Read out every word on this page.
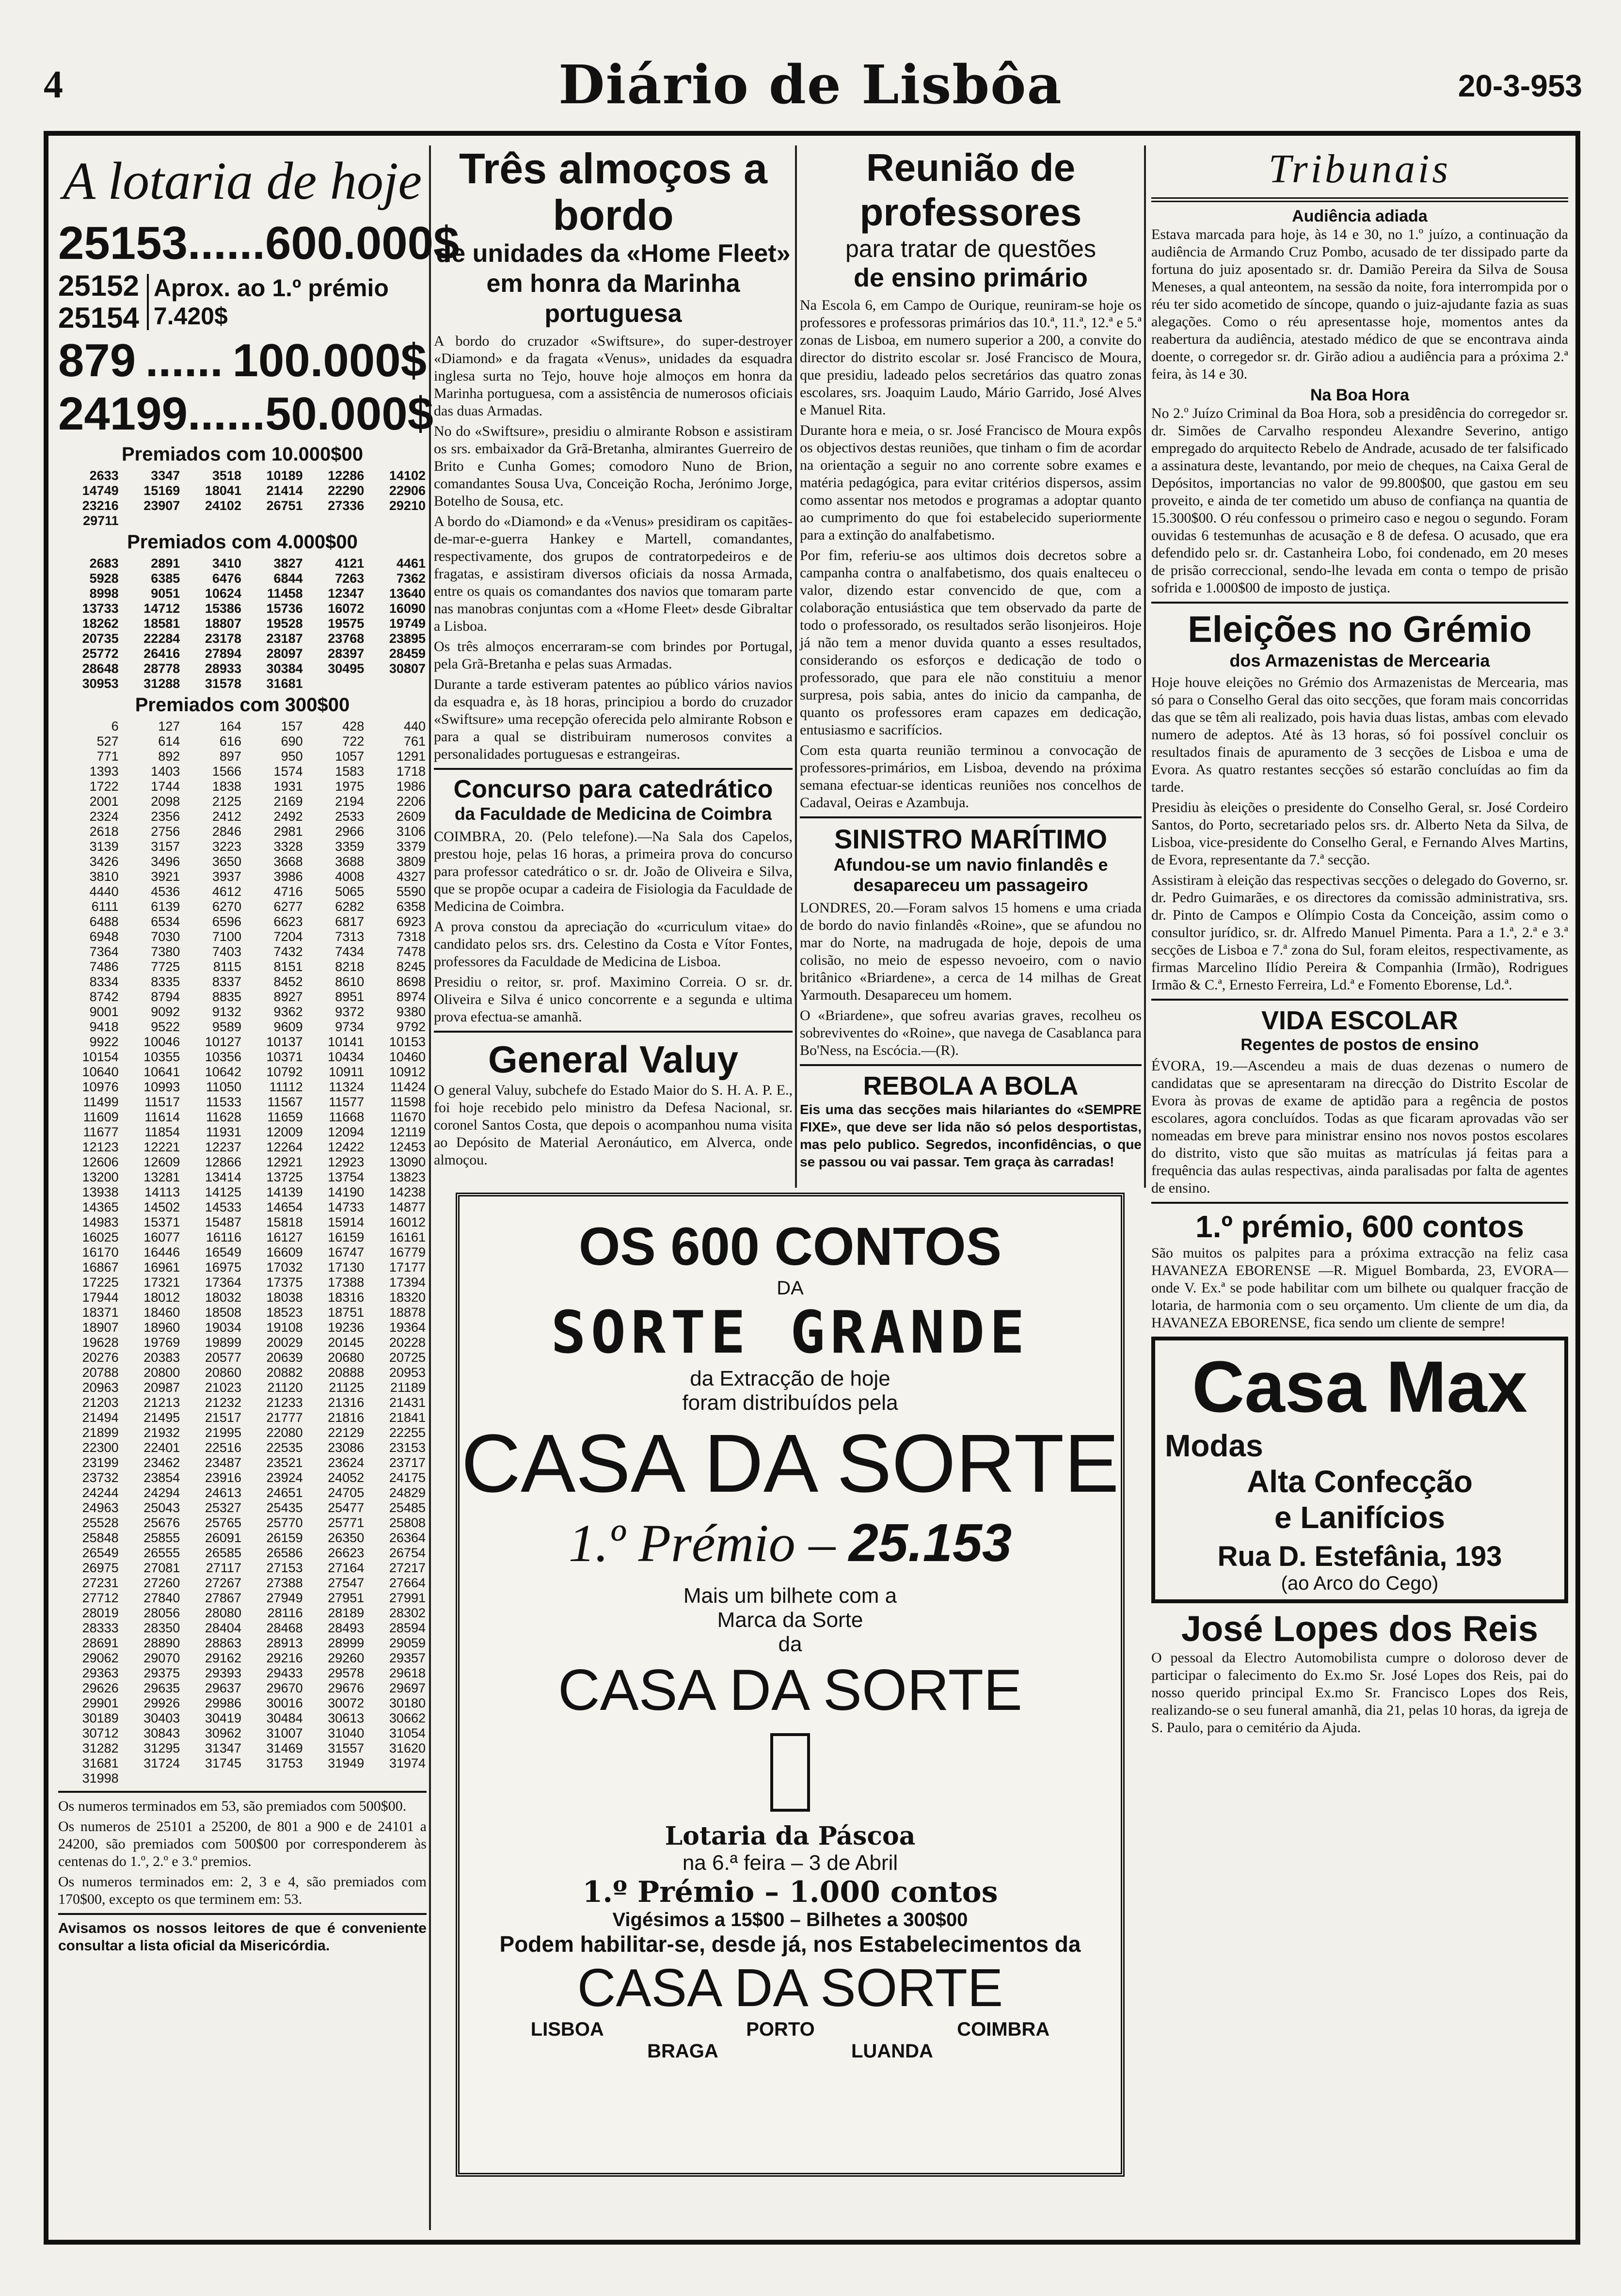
4	Diário de Lisbôa	20-3-953
A lotaria de hoje
25153 ...... 600.000$
25152
25154
Aprox. ao 1.º prémio 7.420$
879 ...... 100.000$
24199 ...... 50.000$
Premiados com 10.000$00
2633	3347	3518	10189	12286	14102
14749	15169	18041	21414	22290	22906
23216	23907	24102	26751	27336	29210
29711					
Premiados com 4.000$00
2683	2891	3410	3827	4121	4461
5928	6385	6476	6844	7263	7362
8998	9051	10624	11458	12347	13640
13733	14712	15386	15736	16072	16090
18262	18581	18807	19528	19575	19749
20735	22284	23178	23187	23768	23895
25772	26416	27894	28097	28397	28459
28648	28778	28933	30384	30495	30807
30953	31288	31578	31681		
Premiados com 300$00
6	127	164	157	428	440
527	614	616	690	722	761
771	892	897	950	1057	1291
1393	1403	1566	1574	1583	1718
1722	1744	1838	1931	1975	1986
2001	2098	2125	2169	2194	2206
2324	2356	2412	2492	2533	2609
2618	2756	2846	2981	2966	3106
3139	3157	3223	3328	3359	3379
3426	3496	3650	3668	3688	3809
3810	3921	3937	3986	4008	4327
4440	4536	4612	4716	5065	5590
6111	6139	6270	6277	6282	6358
6488	6534	6596	6623	6817	6923
6948	7030	7100	7204	7313	7318
7364	7380	7403	7432	7434	7478
7486	7725	8115	8151	8218	8245
8334	8335	8337	8452	8610	8698
8742	8794	8835	8927	8951	8974
9001	9092	9132	9362	9372	9380
9418	9522	9589	9609	9734	9792
9922	10046	10127	10137	10141	10153
10154	10355	10356	10371	10434	10460
10640	10641	10642	10792	10911	10912
10976	10993	11050	11112	11324	11424
11499	11517	11533	11567	11577	11598
11609	11614	11628	11659	11668	11670
11677	11854	11931	12009	12094	12119
12123	12221	12237	12264	12422	12453
12606	12609	12866	12921	12923	13090
13200	13281	13414	13725	13754	13823
13938	14113	14125	14139	14190	14238
14365	14502	14533	14654	14733	14877
14983	15371	15487	15818	15914	16012
16025	16077	16116	16127	16159	16161
16170	16446	16549	16609	16747	16779
16867	16961	16975	17032	17130	17177
17225	17321	17364	17375	17388	17394
17944	18012	18032	18038	18316	18320
18371	18460	18508	18523	18751	18878
18907	18960	19034	19108	19236	19364
19628	19769	19899	20029	20145	20228
20276	20383	20577	20639	20680	20725
20788	20800	20860	20882	20888	20953
20963	20987	21023	21120	21125	21189
21203	21213	21232	21233	21316	21431
21494	21495	21517	21777	21816	21841
21899	21932	21995	22080	22129	22255
22300	22401	22516	22535	23086	23153
23199	23462	23487	23521	23624	23717
23732	23854	23916	23924	24052	24175
24244	24294	24613	24651	24705	24829
24963	25043	25327	25435	25477	25485
25528	25676	25765	25770	25771	25808
25848	25855	26091	26159	26350	26364
26549	26555	26585	26586	26623	26754
26975	27081	27117	27153	27164	27217
27231	27260	27267	27388	27547	27664
27712	27840	27867	27949	27951	27991
28019	28056	28080	28116	28189	28302
28333	28350	28404	28468	28493	28594
28691	28890	28863	28913	28999	29059
29062	29070	29162	29216	29260	29357
29363	29375	29393	29433	29578	29618
29626	29635	29637	29670	29676	29697
29901	29926	29986	30016	30072	30180
30189	30403	30419	30484	30613	30662
30712	30843	30962	31007	31040	31054
31282	31295	31347	31469	31557	31620
31681	31724	31745	31753	31949	31974
31998					

Os numeros terminados em 53, são premiados com 500$00.

Os numeros de 25101 a 25200, de 801 a 900 e de 24101 a 24200, são premiados com 500$00 por corresponderem às centenas do 1.º, 2.º e 3.º premios.

Os numeros terminados em: 2, 3 e 4, são premiados com 170$00, excepto os que terminem em: 53.

Avisamos os nossos leitores de que é conveniente consultar a lista oficial da Misericórdia.

Três almoços a bordo
de unidades da «Home Fleet»
em honra da Marinha portuguesa

A bordo do cruzador «Swiftsure», do super-destroyer «Diamond» e da fragata «Venus», unidades da esquadra inglesa surta no Tejo, houve hoje almoços em honra da Marinha portuguesa, com a assistência de numerosos oficiais das duas Armadas.

No do «Swiftsure», presidiu o almirante Robson e assistiram os srs. embaixador da Grã-Bretanha, almirantes Guerreiro de Brito e Cunha Gomes; comodoro Nuno de Brion, comandantes Sousa Uva, Conceição Rocha, Jerónimo Jorge, Botelho de Sousa, etc.

A bordo do «Diamond» e da «Venus» presidiram os capitães-de-mar-e-guerra Hankey e Martell, comandantes, respectivamente, dos grupos de contratorpedeiros e de fragatas, e assistiram diversos oficiais da nossa Armada, entre os quais os comandantes dos navios que tomaram parte nas manobras conjuntas com a «Home Fleet» desde Gibraltar a Lisboa.

Os três almoços encerraram-se com brindes por Portugal, pela Grã-Bretanha e pelas suas Armadas.

Durante a tarde estiveram patentes ao público vários navios da esquadra e, às 18 horas, principiou a bordo do cruzador «Swiftsure» uma recepção oferecida pelo almirante Robson e para a qual se distribuiram numerosos convites a personalidades portuguesas e estrangeiras.

Concurso para catedrático
da Faculdade de Medicina de Coimbra

COIMBRA, 20. (Pelo telefone).—Na Sala dos Capelos, prestou hoje, pelas 16 horas, a primeira prova do concurso para professor catedrático o sr. dr. João de Oliveira e Silva, que se propõe ocupar a cadeira de Fisiologia da Faculdade de Medicina de Coimbra.

A prova constou da apreciação do «curriculum vitae» do candidato pelos srs. drs. Celestino da Costa e Vítor Fontes, professores da Faculdade de Medicina de Lisboa.

Presidiu o reitor, sr. prof. Maximino Correia. O sr. dr. Oliveira e Silva é unico concorrente e a segunda e ultima prova efectua-se amanhã.

General Valuy

O general Valuy, subchefe do Estado Maior do S. H. A. P. E., foi hoje recebido pelo ministro da Defesa Nacional, sr. coronel Santos Costa, que depois o acompanhou numa visita ao Depósito de Material Aeronáutico, em Alverca, onde almoçou.

Reunião de professores
para tratar de questões
de ensino primário

Na Escola 6, em Campo de Ourique, reuniram-se hoje os professores e professoras primários das 10.ª, 11.ª, 12.ª e 5.ª zonas de Lisboa, em numero superior a 200, a convite do director do distrito escolar sr. José Francisco de Moura, que presidiu, ladeado pelos secretários das quatro zonas escolares, srs. Joaquim Laudo, Mário Garrido, José Alves e Manuel Rita.

Durante hora e meia, o sr. José Francisco de Moura expôs os objectivos destas reuniões, que tinham o fim de acordar na orientação a seguir no ano corrente sobre exames e matéria pedagógica, para evitar critérios dispersos, assim como assentar nos metodos e programas a adoptar quanto ao cumprimento do que foi estabelecido superiormente para a extinção do analfabetismo.

Por fim, referiu-se aos ultimos dois decretos sobre a campanha contra o analfabetismo, dos quais enalteceu o valor, dizendo estar convencido de que, com a colaboração entusiástica que tem observado da parte de todo o professorado, os resultados serão lisonjeiros. Hoje já não tem a menor duvida quanto a esses resultados, considerando os esforços e dedicação de todo o professorado, que para ele não constituiu a menor surpresa, pois sabia, antes do inicio da campanha, de quanto os professores eram capazes em dedicação, entusiasmo e sacrifícios.

Com esta quarta reunião terminou a convocação de professores-primários, em Lisboa, devendo na próxima semana efectuar-se identicas reuniões nos concelhos de Cadaval, Oeiras e Azambuja.

SINISTRO MARÍTIMO
Afundou-se um navio finlandês e desapareceu um passageiro

LONDRES, 20.—Foram salvos 15 homens e uma criada de bordo do navio finlandês «Roine», que se afundou no mar do Norte, na madrugada de hoje, depois de uma colisão, no meio de espesso nevoeiro, com o navio britânico «Briardene», a cerca de 14 milhas de Great Yarmouth. Desapareceu um homem.

O «Briardene», que sofreu avarias graves, recolheu os sobreviventes do «Roine», que navega de Casablanca para Bo'Ness, na Escócia.—(R).

REBOLA A BOLA

Eis uma das secções mais hilariantes do «SEMPRE FIXE», que deve ser lida não só pelos desportistas, mas pelo publico. Segredos, inconfidências, o que se passou ou vai passar. Tem graça às carradas!

Tribunais
Audiência adiada

Estava marcada para hoje, às 14 e 30, no 1.º juízo, a continuação da audiência de Armando Cruz Pombo, acusado de ter dissipado parte da fortuna do juiz aposentado sr. dr. Damião Pereira da Silva de Sousa Meneses, a qual anteontem, na sessão da noite, fora interrompida por o réu ter sido acometido de síncope, quando o juiz-ajudante fazia as suas alegações. Como o réu apresentasse hoje, momentos antes da reabertura da audiência, atestado médico de que se encontrava ainda doente, o corregedor sr. dr. Girão adiou a audiência para a próxima 2.ª feira, às 14 e 30.

Na Boa Hora

No 2.º Juízo Criminal da Boa Hora, sob a presidência do corregedor sr. dr. Simões de Carvalho respondeu Alexandre Severino, antigo empregado do arquitecto Rebelo de Andrade, acusado de ter falsificado a assinatura deste, levantando, por meio de cheques, na Caixa Geral de Depósitos, importancias no valor de 99.800$00, que gastou em seu proveito, e ainda de ter cometido um abuso de confiança na quantia de 15.300$00. O réu confessou o primeiro caso e negou o segundo. Foram ouvidas 6 testemunhas de acusação e 8 de defesa. O acusado, que era defendido pelo sr. dr. Castanheira Lobo, foi condenado, em 20 meses de prisão correccional, sendo-lhe levada em conta o tempo de prisão sofrida e 1.000$00 de imposto de justiça.

Eleições no Grémio
dos Armazenistas de Mercearia

Hoje houve eleições no Grémio dos Armazenistas de Mercearia, mas só para o Conselho Geral das oito secções, que foram mais concorridas das que se têm ali realizado, pois havia duas listas, ambas com elevado numero de adeptos. Até às 13 horas, só foi possível concluir os resultados finais de apuramento de 3 secções de Lisboa e uma de Evora. As quatro restantes secções só estarão concluídas ao fim da tarde.

Presidiu às eleições o presidente do Conselho Geral, sr. José Cordeiro Santos, do Porto, secretariado pelos srs. dr. Alberto Neta da Silva, de Lisboa, vice-presidente do Conselho Geral, e Fernando Alves Martins, de Evora, representante da 7.ª secção.

Assistiram à eleição das respectivas secções o delegado do Governo, sr. dr. Pedro Guimarães, e os directores da comissão administrativa, srs. dr. Pinto de Campos e Olímpio Costa da Conceição, assim como o consultor jurídico, sr. dr. Alfredo Manuel Pimenta. Para a 1.ª, 2.ª e 3.ª secções de Lisboa e 7.ª zona do Sul, foram eleitos, respectivamente, as firmas Marcelino Ilídio Pereira & Companhia (Irmão), Rodrigues Irmão & C.ª, Ernesto Ferreira, Ld.ª e Fomento Eborense, Ld.ª.

VIDA ESCOLAR
Regentes de postos de ensino

ÉVORA, 19.—Ascendeu a mais de duas dezenas o numero de candidatas que se apresentaram na direcção do Distrito Escolar de Evora às provas de exame de aptidão para a regência de postos escolares, agora concluídos. Todas as que ficaram aprovadas vão ser nomeadas em breve para ministrar ensino nos novos postos escolares do distrito, visto que são muitas as matrículas já feitas para a frequência das aulas respectivas, ainda paralisadas por falta de agentes de ensino.

1.º prémio, 600 contos

São muitos os palpites para a próxima extracção na feliz casa HAVANEZA EBORENSE —R. Miguel Bombarda, 23, EVORA—onde V. Ex.ª se pode habilitar com um bilhete ou qualquer fracção de lotaria, de harmonia com o seu orçamento. Um cliente de um dia, da HAVANEZA EBORENSE, fica sendo um cliente de sempre!

Casa Max
Modas
Alta Confecção
e Lanifícios
Rua D. Estefânia, 193
(ao Arco do Cego)
José Lopes dos Reis

O pessoal da Electro Automobilista cumpre o doloroso dever de participar o falecimento do Ex.mo Sr. José Lopes dos Reis, pai do nosso querido principal Ex.mo Sr. Francisco Lopes dos Reis, realizando-se o seu funeral amanhã, dia 21, pelas 10 horas, da igreja de S. Paulo, para o cemitério da Ajuda.

OS 600 CONTOS
DA
SORTE GRANDE
da Extracção de hoje
foram distribuídos pela
CASA DA SORTE
1.º Prémio – 25.153
Mais um bilhete com a
Marca da Sorte
da
CASA DA SORTE
Lotaria da Páscoa
na 6.ª feira – 3 de Abril
1.º Prémio – 1.000 contos
Vigésimos a 15$00 – Bilhetes a 300$00
Podem habilitar-se, desde já, nos Estabelecimentos da
CASA DA SORTE
LISBOA	PORTO	COIMBRA
BRAGA	LUANDA
